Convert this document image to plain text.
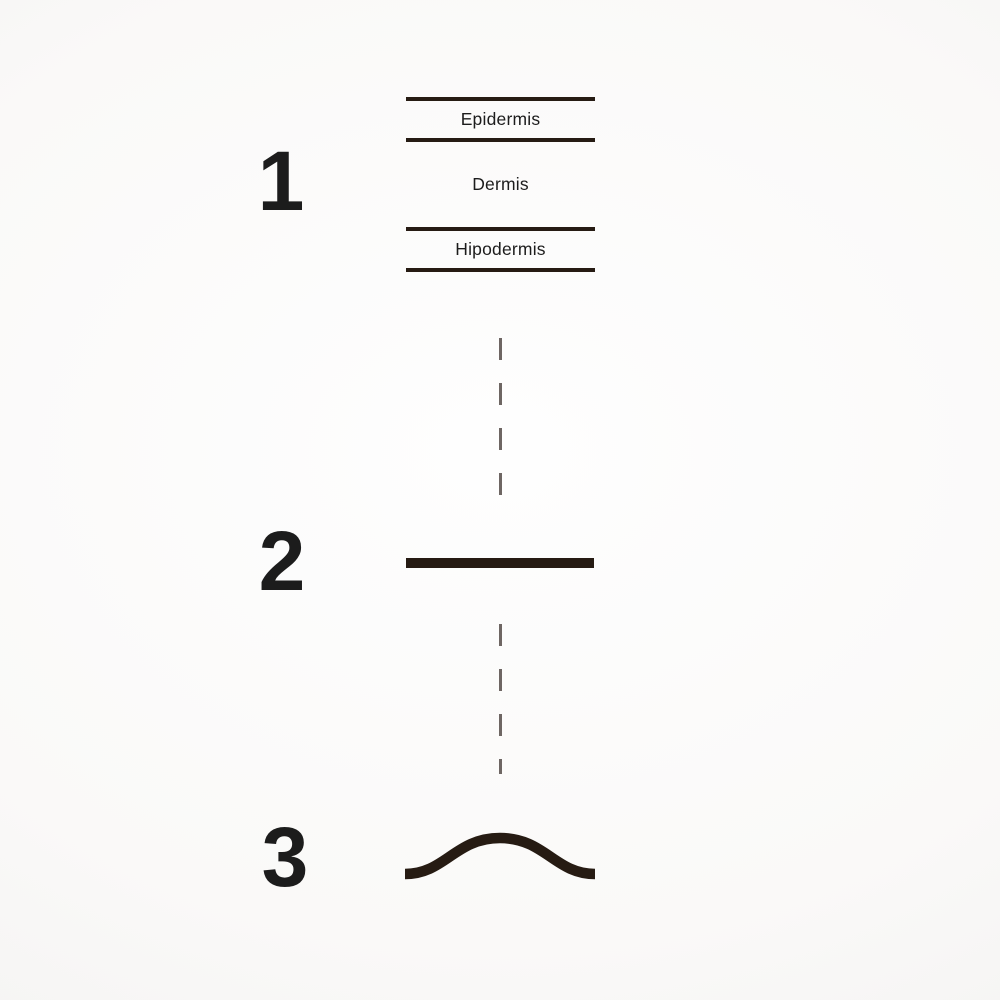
1
Epidermis
Dermis
Hipodermis
2
3
